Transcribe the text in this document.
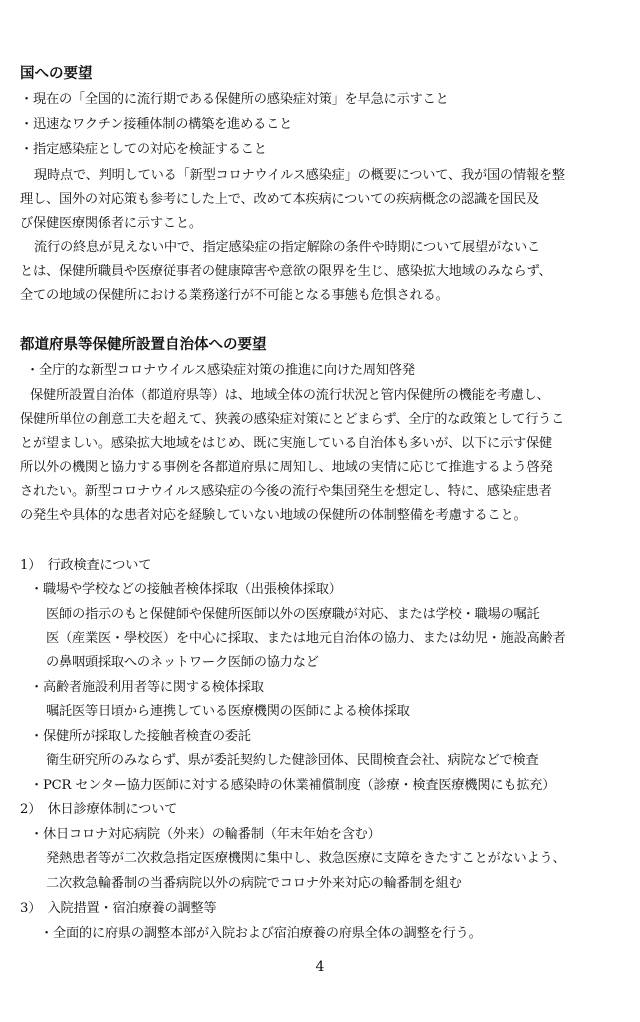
国への要望
・現在の「全国的に流行期である保健所の感染症対策」を早急に示すこと
・迅速なワクチン接種体制の構築を進めること
・指定感染症としての対応を検証すること
現時点で、判明している「新型コロナウイルス感染症」の概要について、我が国の情報を整
理し、国外の対応策も参考にした上で、改めて本疾病についての疾病概念の認識を国民及
び保健医療関係者に示すこと。
流行の終息が見えない中で、指定感染症の指定解除の条件や時期について展望がないこ
とは、保健所職員や医療従事者の健康障害や意欲の限界を生じ、感染拡大地域のみならず、
全ての地域の保健所における業務遂行が不可能となる事態も危惧される。
都道府県等保健所設置自治体への要望
・全庁的な新型コロナウイルス感染症対策の推進に向けた周知啓発
保健所設置自治体（都道府県等）は、地域全体の流行状況と管内保健所の機能を考慮し、
保健所単位の創意工夫を超えて、狭義の感染症対策にとどまらず、全庁的な政策として行うこ
とが望ましい。感染拡大地域をはじめ、既に実施している自治体も多いが、以下に示す保健
所以外の機関と協力する事例を各都道府県に周知し、地域の実情に応じて推進するよう啓発
されたい。新型コロナウイルス感染症の今後の流行や集団発生を想定し、特に、感染症患者
の発生や具体的な患者対応を経験していない地域の保健所の体制整備を考慮すること。
1）　行政検査について
・職場や学校などの接触者検体採取（出張検体採取）
医師の指示のもと保健師や保健所医師以外の医療職が対応、または学校・職場の嘱託
医（産業医・學校医）を中心に採取、または地元自治体の協力、または幼児・施設高齢者
の鼻咽頭採取へのネットワーク医師の協力など
・高齢者施設利用者等に関する検体採取
嘱託医等日頃から連携している医療機関の医師による検体採取
・保健所が採取した接触者検査の委託
衛生研究所のみならず、県が委託契約した健診団体、民間検査会社、病院などで検査
・PCR センター協力医師に対する感染時の休業補償制度（診療・検査医療機関にも拡充）
2）　休日診療体制について
・休日コロナ対応病院（外来）の輪番制（年末年始を含む）
発熱患者等が二次救急指定医療機関に集中し、救急医療に支障をきたすことがないよう、
二次救急輪番制の当番病院以外の病院でコロナ外来対応の輪番制を組む
3）　入院措置・宿泊療養の調整等
・全面的に府県の調整本部が入院および宿泊療養の府県全体の調整を行う。
4
